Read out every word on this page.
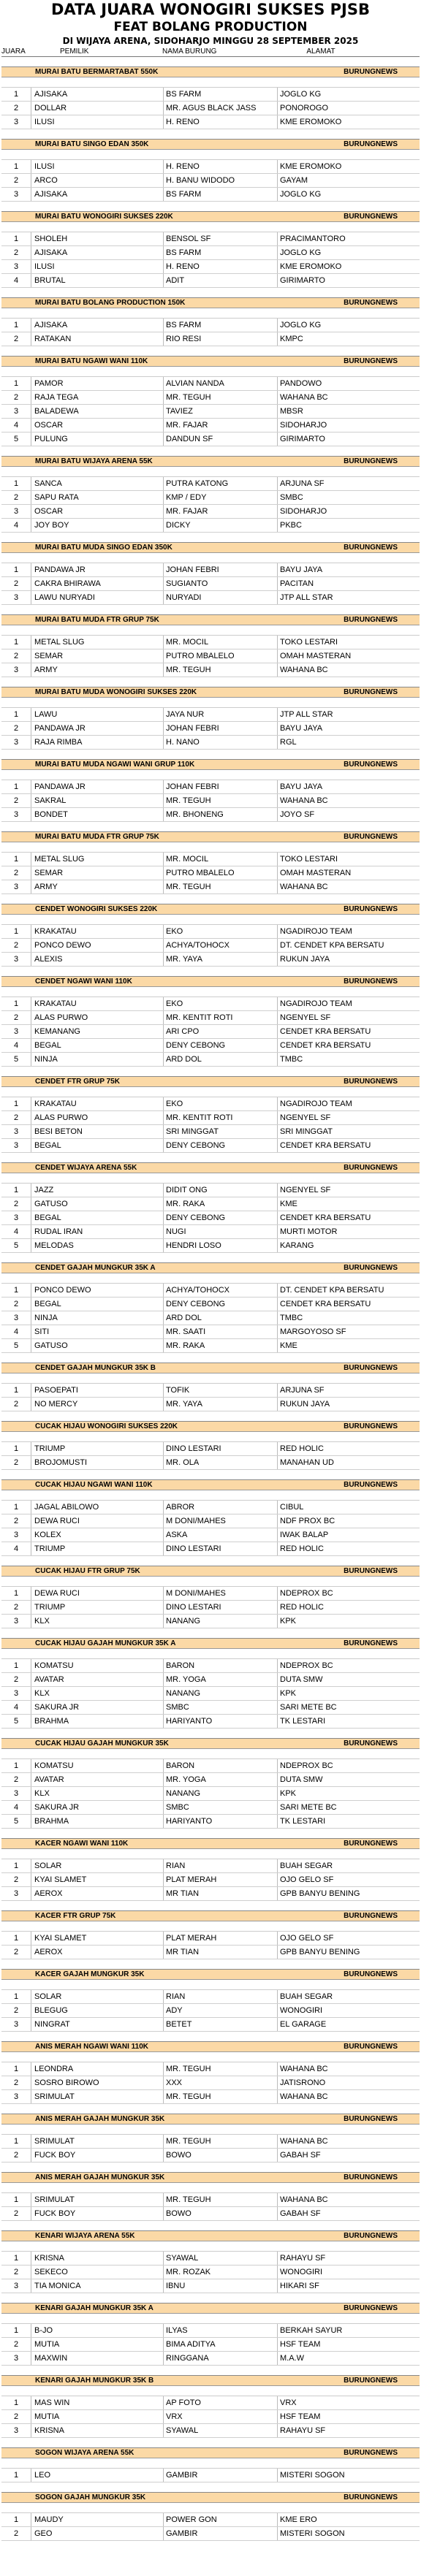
DATA JUARA WONOGIRI SUKSES PJSB
FEAT BOLANG PRODUCTION
DI WIJAYA ARENA, SIDOHARJO MINGGU 28 SEPTEMBER 2025
JUARA	PEMILIK	NAMA BURUNG	ALAMAT
MURAI BATU BERMARTABAT 550K	BURUNGNEWS
1	AJISAKA	BS FARM	JOGLO KG
2	DOLLAR	MR. AGUS BLACK JASS	PONOROGO
3	ILUSI	H. RENO	KME EROMOKO
MURAI BATU SINGO EDAN 350K	BURUNGNEWS
1	ILUSI	H. RENO	KME EROMOKO
2	ARCO	H. BANU WIDODO	GAYAM
3	AJISAKA	BS FARM	JOGLO KG
MURAI BATU WONOGIRI SUKSES 220K	BURUNGNEWS
1	SHOLEH	BENSOL SF	PRACIMANTORO
2	AJISAKA	BS FARM	JOGLO KG
3	ILUSI	H. RENO	KME EROMOKO
4	BRUTAL	ADIT	GIRIMARTO
MURAI BATU BOLANG PRODUCTION 150K	BURUNGNEWS
1	AJISAKA	BS FARM	JOGLO KG
2	RATAKAN	RIO RESI	KMPC
MURAI BATU NGAWI WANI 110K	BURUNGNEWS
1	PAMOR	ALVIAN NANDA	PANDOWO
2	RAJA TEGA	MR. TEGUH	WAHANA BC
3	BALADEWA	TAVIEZ	MBSR
4	OSCAR	MR. FAJAR	SIDOHARJO
5	PULUNG	DANDUN SF	GIRIMARTO
MURAI BATU WIJAYA ARENA 55K	BURUNGNEWS
1	SANCA	PUTRA KATONG	ARJUNA SF
2	SAPU RATA	KMP / EDY	SMBC
3	OSCAR	MR. FAJAR	SIDOHARJO
4	JOY BOY	DICKY	PKBC
MURAI BATU MUDA SINGO EDAN 350K	BURUNGNEWS
1	PANDAWA JR	JOHAN FEBRI	BAYU JAYA
2	CAKRA BHIRAWA	SUGIANTO	PACITAN
3	LAWU NURYADI	NURYADI	JTP ALL STAR
MURAI BATU MUDA FTR GRUP 75K	BURUNGNEWS
1	METAL SLUG	MR. MOCIL	TOKO LESTARI
2	SEMAR	PUTRO MBALELO	OMAH MASTERAN
3	ARMY	MR. TEGUH	WAHANA BC
MURAI BATU MUDA WONOGIRI SUKSES 220K	BURUNGNEWS
1	LAWU	JAYA NUR	JTP ALL STAR
2	PANDAWA JR	JOHAN FEBRI	BAYU JAYA
3	RAJA RIMBA	H. NANO	RGL
MURAI BATU MUDA NGAWI WANI GRUP 110K	BURUNGNEWS
1	PANDAWA JR	JOHAN FEBRI	BAYU JAYA
2	SAKRAL	MR. TEGUH	WAHANA BC
3	BONDET	MR. BHONENG	JOYO SF
MURAI BATU MUDA FTR GRUP 75K	BURUNGNEWS
1	METAL SLUG	MR. MOCIL	TOKO LESTARI
2	SEMAR	PUTRO MBALELO	OMAH MASTERAN
3	ARMY	MR. TEGUH	WAHANA BC
CENDET WONOGIRI SUKSES 220K	BURUNGNEWS
1	KRAKATAU	EKO	NGADIROJO TEAM
2	PONCO DEWO	ACHYA/TOHOCX	DT. CENDET KPA BERSATU
3	ALEXIS	MR. YAYA	RUKUN JAYA
CENDET NGAWI WANI 110K	BURUNGNEWS
1	KRAKATAU	EKO	NGADIROJO TEAM
2	ALAS PURWO	MR. KENTIT ROTI	NGENYEL SF
3	KEMANANG	ARI CPO	CENDET KRA BERSATU
4	BEGAL	DENY CEBONG	CENDET KRA BERSATU
5	NINJA	ARD DOL	TMBC
CENDET FTR GRUP 75K	BURUNGNEWS
1	KRAKATAU	EKO	NGADIROJO TEAM
2	ALAS PURWO	MR. KENTIT ROTI	NGENYEL SF
3	BESI BETON	SRI MINGGAT	SRI MINGGAT
3	BEGAL	DENY CEBONG	CENDET KRA BERSATU
CENDET WIJAYA ARENA 55K	BURUNGNEWS
1	JAZZ	DIDIT ONG	NGENYEL SF
2	GATUSO	MR. RAKA	KME
3	BEGAL	DENY CEBONG	CENDET KRA BERSATU
4	RUDAL IRAN	NUGI	MURTI MOTOR
5	MELODAS	HENDRI LOSO	KARANG
CENDET GAJAH MUNGKUR 35K A	BURUNGNEWS
1	PONCO DEWO	ACHYA/TOHOCX	DT. CENDET KPA BERSATU
2	BEGAL	DENY CEBONG	CENDET KRA BERSATU
3	NINJA	ARD DOL	TMBC
4	SITI	MR. SAATI	MARGOYOSO SF
5	GATUSO	MR. RAKA	KME
CENDET GAJAH MUNGKUR 35K B	BURUNGNEWS
1	PASOEPATI	TOFIK	ARJUNA SF
2	NO MERCY	MR. YAYA	RUKUN JAYA
CUCAK HIJAU WONOGIRI SUKSES 220K	BURUNGNEWS
1	TRIUMP	DINO LESTARI	RED HOLIC
2	BROJOMUSTI	MR. OLA	MANAHAN UD
CUCAK HIJAU NGAWI WANI 110K	BURUNGNEWS
1	JAGAL ABILOWO	ABROR	CIBUL
2	DEWA RUCI	M DONI/MAHES	NDF PROX BC
3	KOLEX	ASKA	IWAK BALAP
4	TRIUMP	DINO LESTARI	RED HOLIC
CUCAK HIJAU FTR GRUP 75K	BURUNGNEWS
1	DEWA RUCI	M DONI/MAHES	NDEPROX BC
2	TRIUMP	DINO LESTARI	RED HOLIC
3	KLX	NANANG	KPK
CUCAK HIJAU GAJAH MUNGKUR 35K A	BURUNGNEWS
1	KOMATSU	BARON	NDEPROX BC
2	AVATAR	MR. YOGA	DUTA SMW
3	KLX	NANANG	KPK
4	SAKURA JR	SMBC	SARI METE BC
5	BRAHMA	HARIYANTO	TK LESTARI
CUCAK HIJAU GAJAH MUNGKUR 35K	BURUNGNEWS
1	KOMATSU	BARON	NDEPROX BC
2	AVATAR	MR. YOGA	DUTA SMW
3	KLX	NANANG	KPK
4	SAKURA JR	SMBC	SARI METE BC
5	BRAHMA	HARIYANTO	TK LESTARI
KACER NGAWI WANI 110K	BURUNGNEWS
1	SOLAR	RIAN	BUAH SEGAR
2	KYAI SLAMET	PLAT MERAH	OJO GELO SF
3	AEROX	MR TIAN	GPB BANYU BENING
KACER FTR GRUP 75K	BURUNGNEWS
1	KYAI SLAMET	PLAT MERAH	OJO GELO SF
2	AEROX	MR TIAN	GPB BANYU BENING
KACER GAJAH MUNGKUR 35K	BURUNGNEWS
1	SOLAR	RIAN	BUAH SEGAR
2	BLEGUG	ADY	WONOGIRI
3	NINGRAT	BETET	EL GARAGE
ANIS MERAH NGAWI WANI 110K	BURUNGNEWS
1	LEONDRA	MR. TEGUH	WAHANA BC
2	SOSRO BIROWO	XXX	JATISRONO
3	SRIMULAT	MR. TEGUH	WAHANA BC
ANIS MERAH GAJAH MUNGKUR 35K	BURUNGNEWS
1	SRIMULAT	MR. TEGUH	WAHANA BC
2	FUCK BOY	BOWO	GABAH SF
ANIS MERAH GAJAH MUNGKUR 35K	BURUNGNEWS
1	SRIMULAT	MR. TEGUH	WAHANA BC
2	FUCK BOY	BOWO	GABAH SF
KENARI WIJAYA ARENA 55K	BURUNGNEWS
1	KRISNA	SYAWAL	RAHAYU SF
2	SEKECO	MR. ROZAK	WONOGIRI
3	TIA MONICA	IBNU	HIKARI SF
KENARI GAJAH MUNGKUR 35K A	BURUNGNEWS
1	B-JO	ILYAS	BERKAH SAYUR
2	MUTIA	BIMA ADITYA	HSF TEAM
3	MAXWIN	RINGGANA	M.A.W
KENARI GAJAH MUNGKUR 35K B	BURUNGNEWS
1	MAS WIN	AP FOTO	VRX
2	MUTIA	VRX	HSF TEAM
3	KRISNA	SYAWAL	RAHAYU SF
SOGON WIJAYA ARENA 55K	BURUNGNEWS
1	LEO	GAMBIR	MISTERI SOGON
SOGON GAJAH MUNGKUR 35K	BURUNGNEWS
1	MAUDY	POWER GON	KME ERO
2	GEO	GAMBIR	MISTERI SOGON
